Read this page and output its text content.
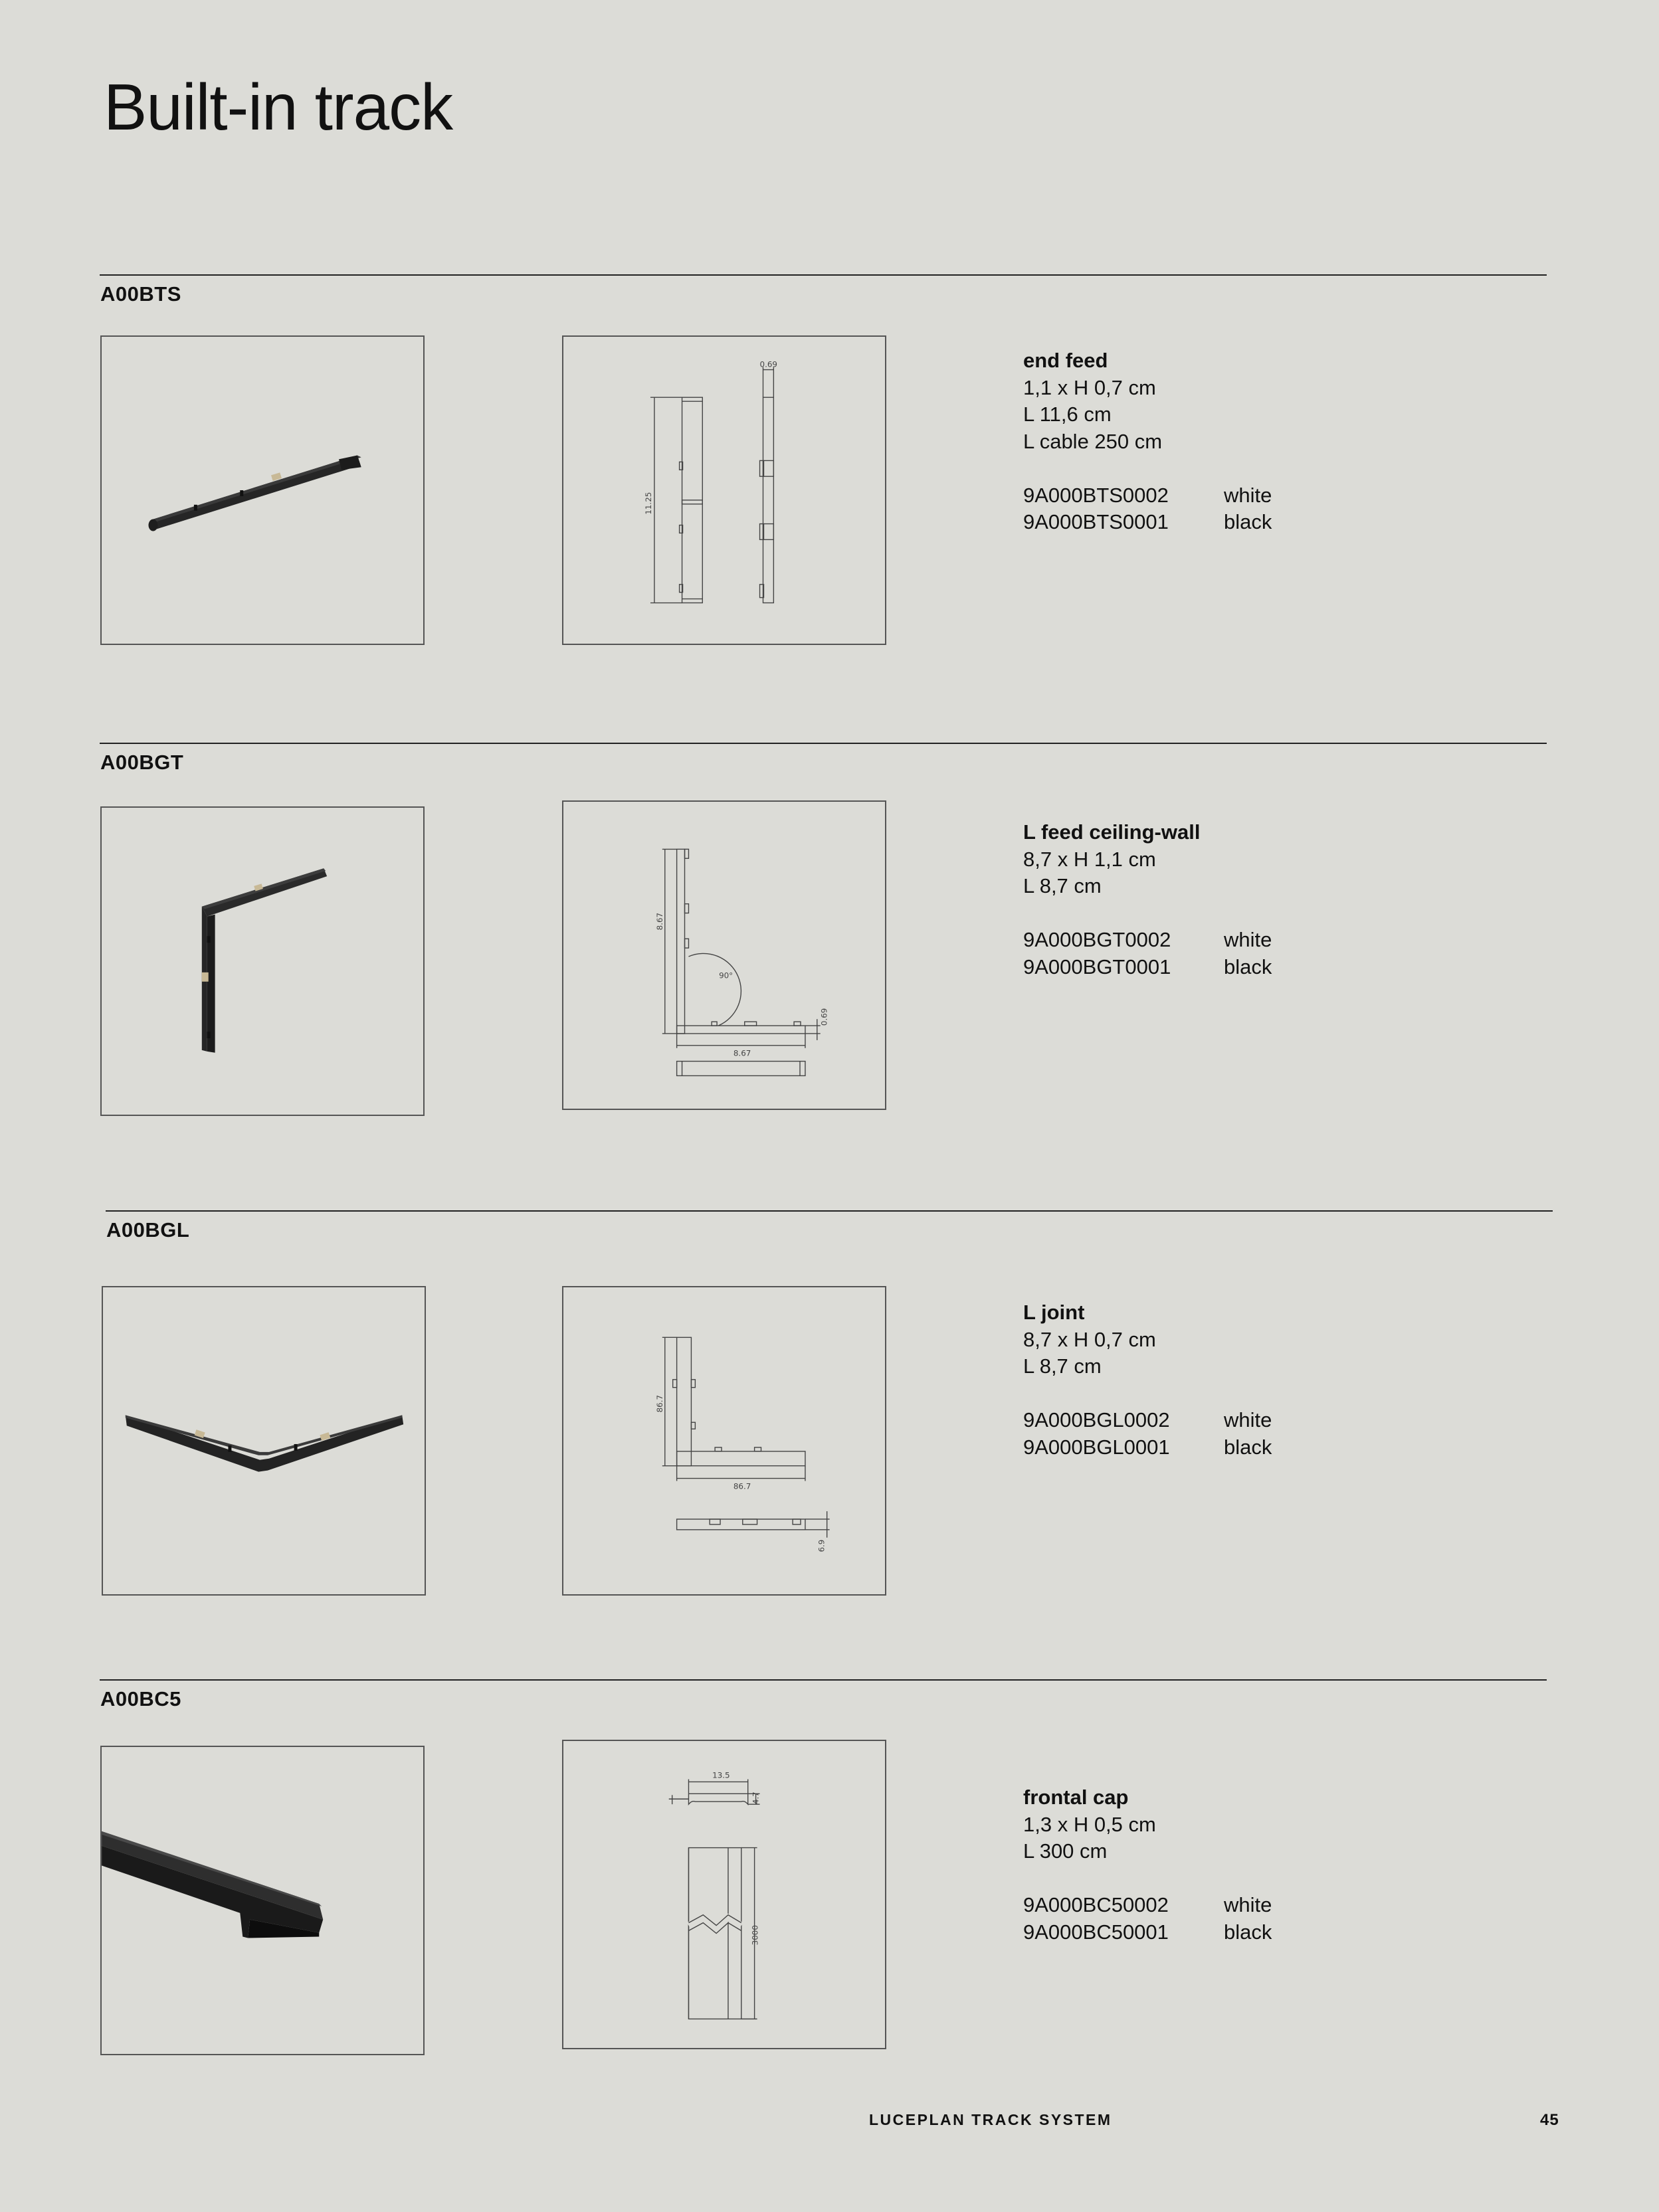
Built-in track
A00BTS
0.69
11.25
end feed
1,1 x H 0,7 cm
L 11,6 cm
L cable 250 cm
9A000BTS0002	white
9A000BTS0001	black
A00BGT
8.67
90°
0.69
8.67
L feed ceiling-wall
8,7 x H 1,1 cm
L 8,7 cm
9A000BGT0002	white
9A000BGT0001	black
A00BGL
86.7
86.7
6.9
L joint
8,7 x H 0,7 cm
L 8,7 cm
9A000BGL0002	white
9A000BGL0001	black
A00BC5
13.5
4.7
3000
frontal cap
1,3 x H 0,5 cm
L 300 cm
9A000BC50002	white
9A000BC50001	black
LUCEPLAN TRACK SYSTEM	45
